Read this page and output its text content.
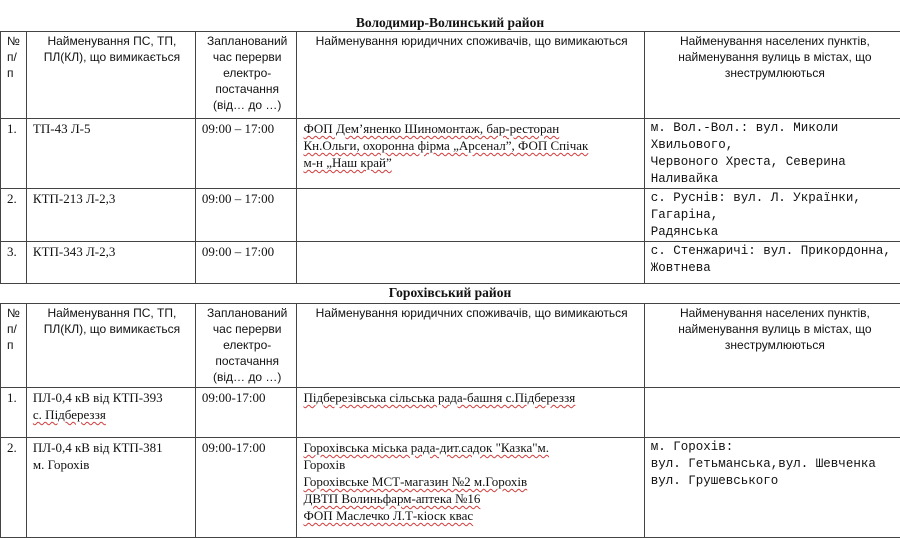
Володимир-Волинський район
№ п/п	Найменування ПС, ТП, ПЛ(КЛ), що вимикається	Запланований час перерви електро-постачання (від… до …)	Найменування юридичних споживачів, що вимикаються	Найменування населених пунктів, найменування вулиць в містах, що знеструмлюються
1.	ТП-43 Л-5	09:00 – 17:00	ФОП Дем’яненко Шиномонтаж, бар-ресторан
Кн.Ольги, охоронна фірма „Арсенал”, ФОП Спічак
м-н „Наш край”	м. Вол.-Вол.: вул. Миколи Хвильового,
Червоного Хреста, Северина Наливайка

2.	КТП-213 Л-2,3	09:00 – 17:00		с. Руснів: вул. Л. Українки, Гагаріна,
Радянська

3.	КТП-343 Л-2,3	09:00 – 17:00		с. Стенжаричі: вул. Прикордонна,
Жовтнева
Горохівський район
№ п/п	Найменування ПС, ТП, ПЛ(КЛ), що вимикається	Запланований час перерви електро-постачання (від… до …)	Найменування юридичних споживачів, що вимикаються	Найменування населених пунктів, найменування вулиць в містах, що знеструмлюються
1.	ПЛ-0,4 кВ від КТП-393
с. Підбереззя	09:00-17:00	Підберезівська сільська рада-башня с.Підбереззя	

2.	ПЛ-0,4 кВ від КТП-381
м. Горохів	09:00-17:00	Горохівська міська рада-дит.садок "Казка"м.
Горохів
Горохівське МСТ-магазин №2 м.Горохів
ДВТП Волиньфарм-аптека №16
ФОП Маслечко Л.Т-кіоск квас	м. Горохів:
вул. Гетьманська,вул. Шевченка
вул. Грушевського
